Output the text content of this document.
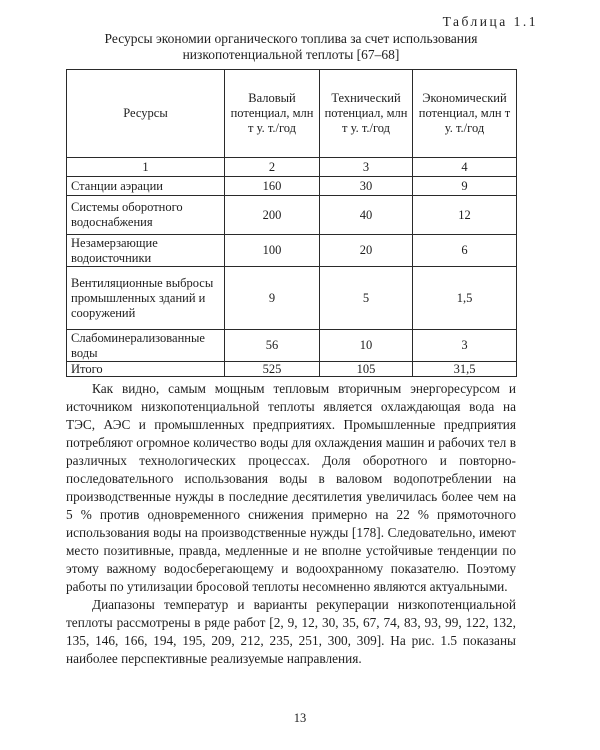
Таблица 1.1
Ресурсы экономии органического топлива за счет использования низкопотенциальной теплоты [67–68]
Ресурсы	Валовый потенциал, млн т у. т./год	Технический потенциал, млн т у. т./год	Экономический потенциал, млн т у. т./год
1	2	3	4
Станции аэрации	160	30	9
Системы оборотного водоснабжения	200	40	12
Незамерзающие водоисточники	100	20	6
Вентиляционные выбросы промышленных зданий и сооружений	9	5	1,5
Слабоминерализованные воды	56	10	3
Итого	525	105	31,5

Как видно, самым мощным тепловым вторичным энергоресурсом и источником низкопотенциальной теплоты является охлаждающая вода на ТЭС, АЭС и промышленных предприятиях. Промышленные предприятия потребляют огромное количество воды для охлаждения машин и рабочих тел в различных технологических процессах. Доля оборотного и повторно-последовательного использования воды в валовом водопотреблении на производственные нужды в последние десятилетия увеличилась более чем на 5 % против одновременного снижения примерно на 22 % прямоточного использования воды на производственные нужды [178]. Следовательно, имеют место позитивные, правда, медленные и не вполне устойчивые тенденции по этому важному водосберегающему и водоохранному показателю. Поэтому работы по утилизации бросовой теплоты несомненно являются актуальными.

Диапазоны температур и варианты рекуперации низкопотенциальной теплоты рассмотрены в ряде работ [2, 9, 12, 30, 35, 67, 74, 83, 93, 99, 122, 132, 135, 146, 166, 194, 195, 209, 212, 235, 251, 300, 309]. На рис. 1.5 показаны наиболее перспективные реализуемые направления.

13
